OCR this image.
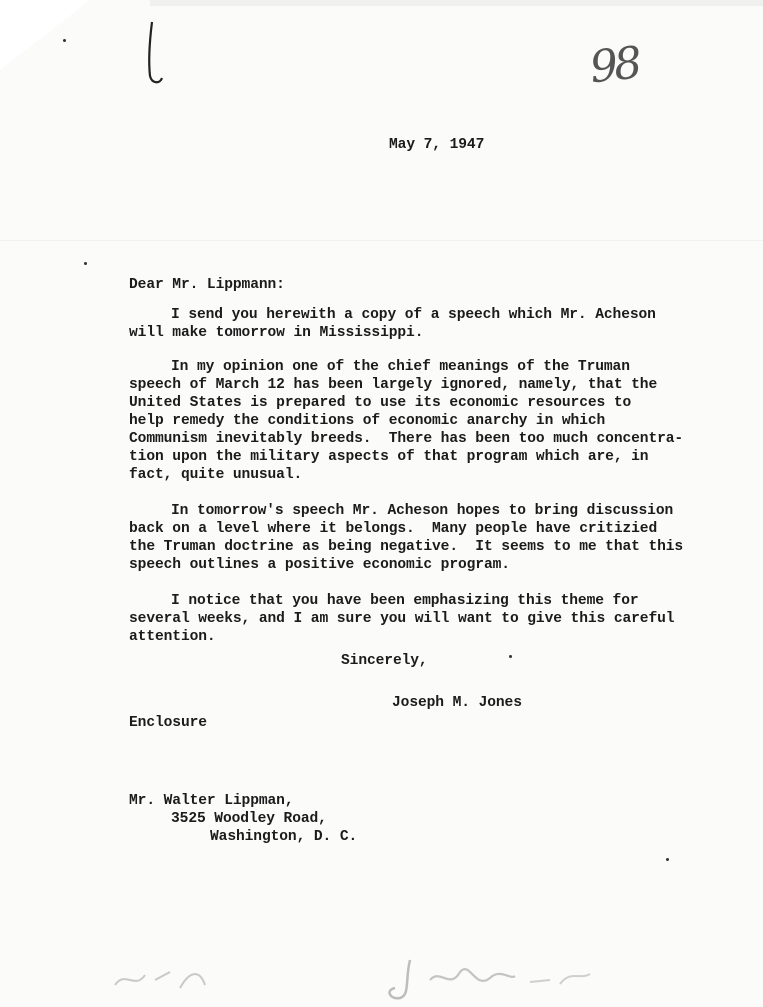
98
May 7, 1947
Dear Mr. Lippmann:
I send you herewith a copy of a speech which Mr. Acheson
will make tomorrow in Mississippi.
In my opinion one of the chief meanings of the Truman
speech of March 12 has been largely ignored, namely, that the
United States is prepared to use its economic resources to
help remedy the conditions of economic anarchy in which
Communism inevitably breeds.  There has been too much concentra-
tion upon the military aspects of that program which are, in
fact, quite unusual.
In tomorrow's speech Mr. Acheson hopes to bring discussion
back on a level where it belongs.  Many people have critizied
the Truman doctrine as being negative.  It seems to me that this
speech outlines a positive economic program.
I notice that you have been emphasizing this theme for
several weeks, and I am sure you will want to give this careful
attention.
Sincerely,
Joseph M. Jones
Enclosure
Mr. Walter Lippman,
3525 Woodley Road,
Washington, D. C.
